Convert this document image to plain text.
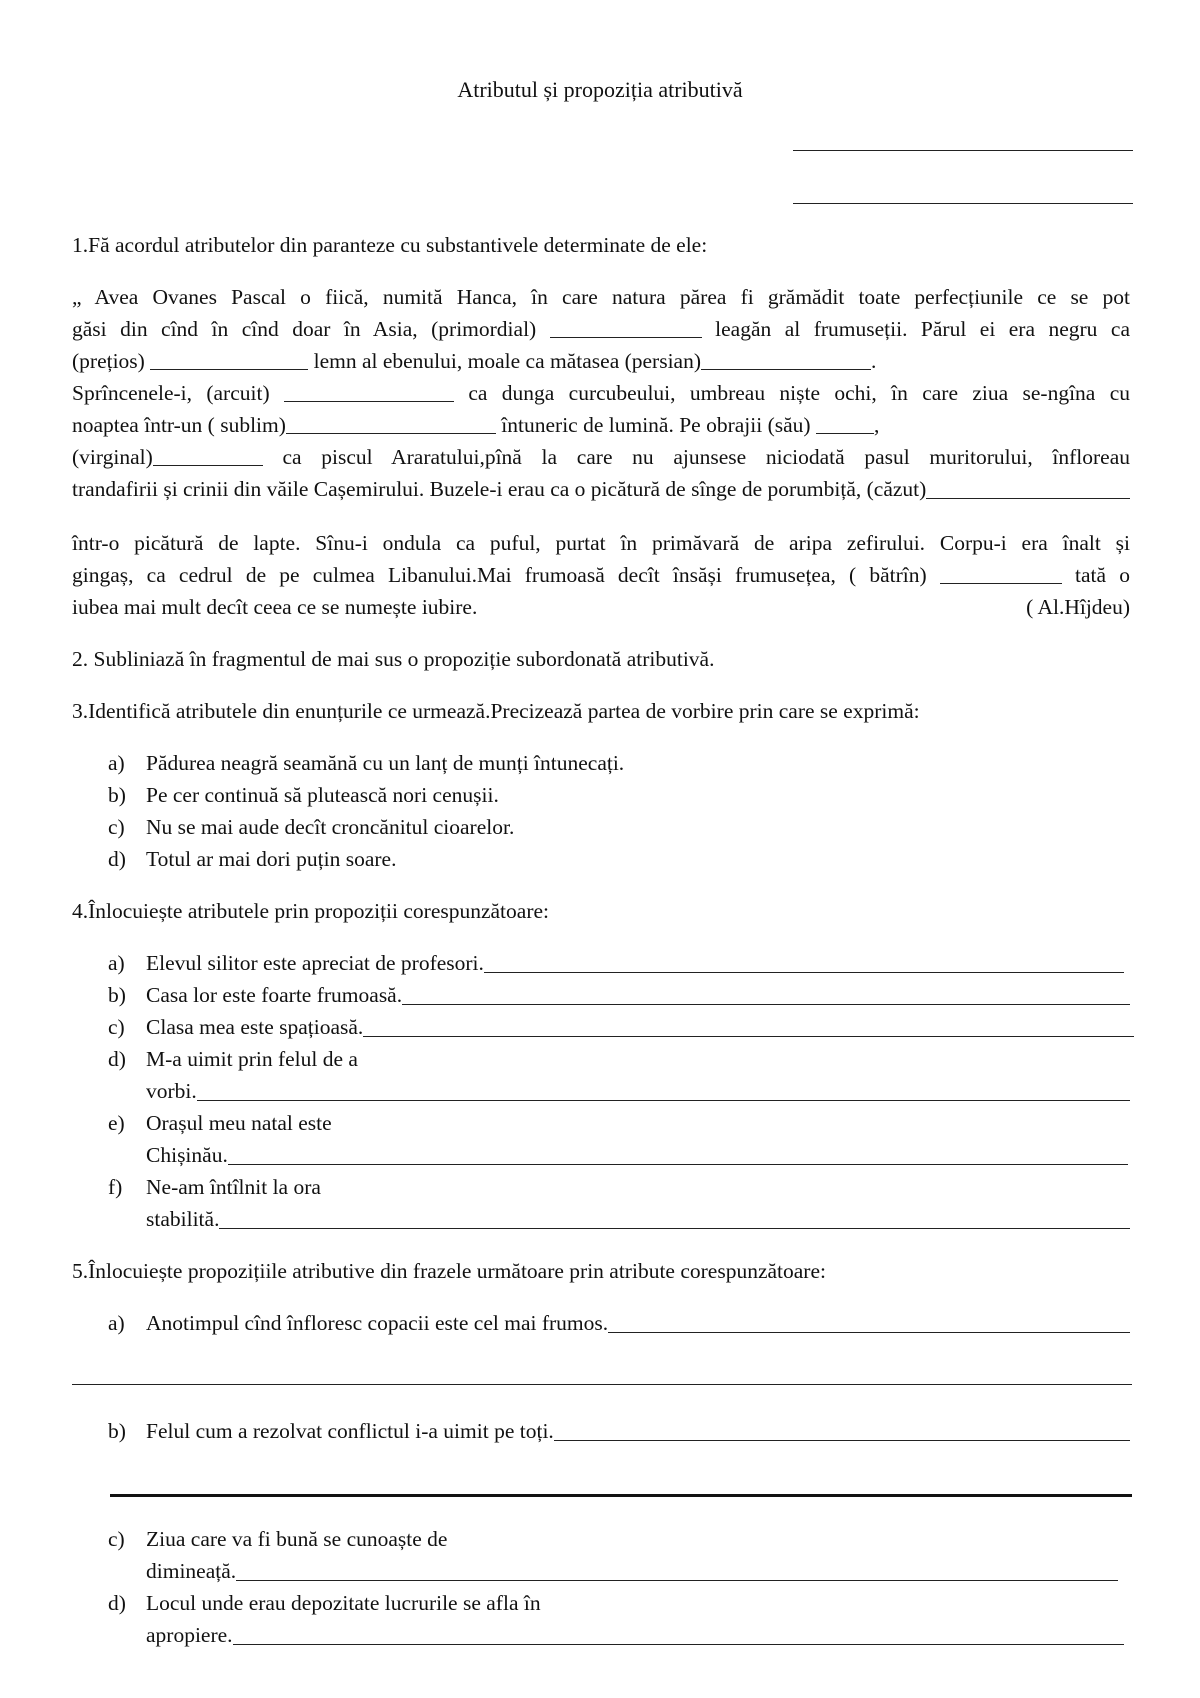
Atributul și propoziția atributivă
1.Fă acordul atributelor din paranteze cu substantivele determinate de ele:
„ Avea Ovanes Pascal o fiică, numită Hanca, în care natura părea fi grămădit toate perfecțiunile ce se pot
găsi din cînd în cînd doar în Asia, (primordial)	leagăn al frumuseții. Părul ei era negru ca
(prețios)	lemn al ebenului, moale ca mătasea (persian)	.
Sprîncenele-i, (arcuit)	ca dunga curcubeului, umbreau niște ochi, în care ziua se-ngîna cu
noaptea într-un ( sublim)	întuneric de lumină. Pe obrajii (său)	,
(virginal)	ca piscul Araratului,pînă la care nu ajunsese niciodată pasul muritorului, înfloreau
trandafirii și crinii din văile Cașemirului. Buzele-i erau ca o picătură de sînge de porumbiță, (căzut)
într-o picătură de lapte. Sînu-i ondula ca puful, purtat în primăvară de aripa zefirului. Corpu-i era înalt și
gingaș, ca cedrul de pe culmea Libanului.Mai frumoasă decît însăși frumusețea, ( bătrîn)	tată o
iubea mai mult decît ceea ce se numește iubire.	( Al.Hîjdeu)
2. Subliniază în fragmentul de mai sus o propoziție subordonată atributivă.
3.Identifică atributele din enunțurile ce urmează.Precizează partea de vorbire prin care se exprimă:
a) Pădurea neagră seamănă cu un lanț de munți întunecați.
b) Pe cer continuă să plutească nori cenușii.
c) Nu se mai aude decît croncănitul cioarelor.
d) Totul ar mai dori puțin soare.
4.Înlocuiește atributele prin propoziții corespunzătoare:
a) Elevul silitor este apreciat de profesori.
b) Casa lor este foarte frumoasă.
c) Clasa mea este spațioasă.
d) M-a uimit prin felul de a
vorbi.
e) Orașul meu natal este
Chișinău.
f)	Ne-am întîlnit la ora
stabilită.
5.Înlocuiește propozițiile atributive din frazele următoare prin atribute corespunzătoare:
a) Anotimpul cînd înfloresc copacii este cel mai frumos.
b) Felul cum a rezolvat conflictul i-a uimit pe toți.
c) Ziua care va fi bună se cunoaște de
dimineață.
d) Locul unde erau depozitate lucrurile se afla în
apropiere.
